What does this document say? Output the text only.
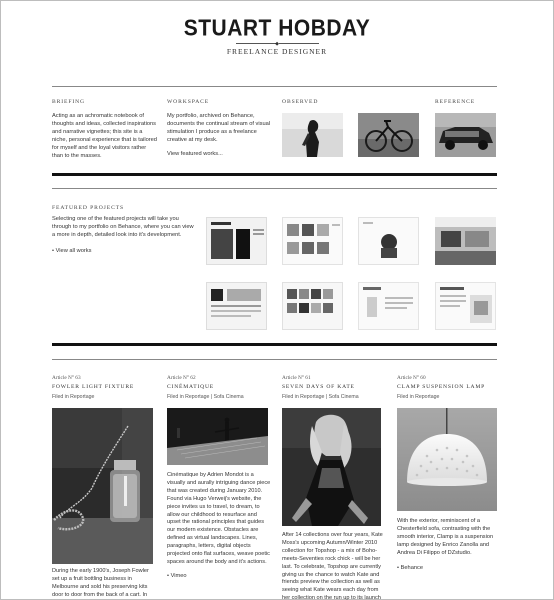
STUART HOBDAY
◆
FREELANCE DESIGNER
BRIEFING
Acting as an achromatic notebook of thoughts and ideas, collected inspirations and narrative vignettes; this site is a niche, personal experience that is tailored for myself and the loyal visitors rather than to the masses.
WORKSPACE
My portfolio, archived on Behance, documents the continual stream of visual stimulation I produce as a freelance creative at my desk.
View featured works...
OBSERVED	REFERENCE
FEATURED PROJECTS
Selecting one of the featured projects will take you through to my portfolio on Behance, where you can view a more in depth, detailed look into it's development.
• View all works
Article N° 63
FOWLER LIGHT FIXTURE
Filed in Reportage
During the early 1900's, Joseph Fowler set up a fruit bottling business in Melbourne and sold his preserving kits door to door from the back of a cart. In
Article N° 62
CINÉMATIQUE
Filed in Reportage | Sofa Cinema
Cinématique by Adrien Mondot is a visually and aurally intriguing dance piece that was created during January 2010. Found via Hugo Verweij's website, the piece invites us to travel, to dream, to allow our childhood to resurface and upset the rational principles that guides our modern existence. Obstacles are defined as virtual landscapes. Lines, paragraphs, letters, digital objects projected onto flat surfaces, weave poetic spaces around the body and it's actions.
• Vimeo
Article N° 61
SEVEN DAYS OF KATE
Filed in Reportage | Sofa Cinema
After 14 collections over four years, Kate Moss's upcoming Autumn/Winter 2010 collection for Topshop - a mix of Boho-meets-Seventies rock chick - will be her last. To celebrate, Topshop are currently giving us the chance to watch Kate and friends preview the collection as well as seeing what Kate wears each day from her collection on the run up to its launch
Article N° 60
CLAMP SUSPENSION LAMP
Filed in Reportage
With the exterior, reminiscent of a Chesterfield sofa, contrasting with the smooth interior, Clamp is a suspension lamp designed by Enrico Zanolla and Andrea Di Filippo of DZstudio.
• Behance
